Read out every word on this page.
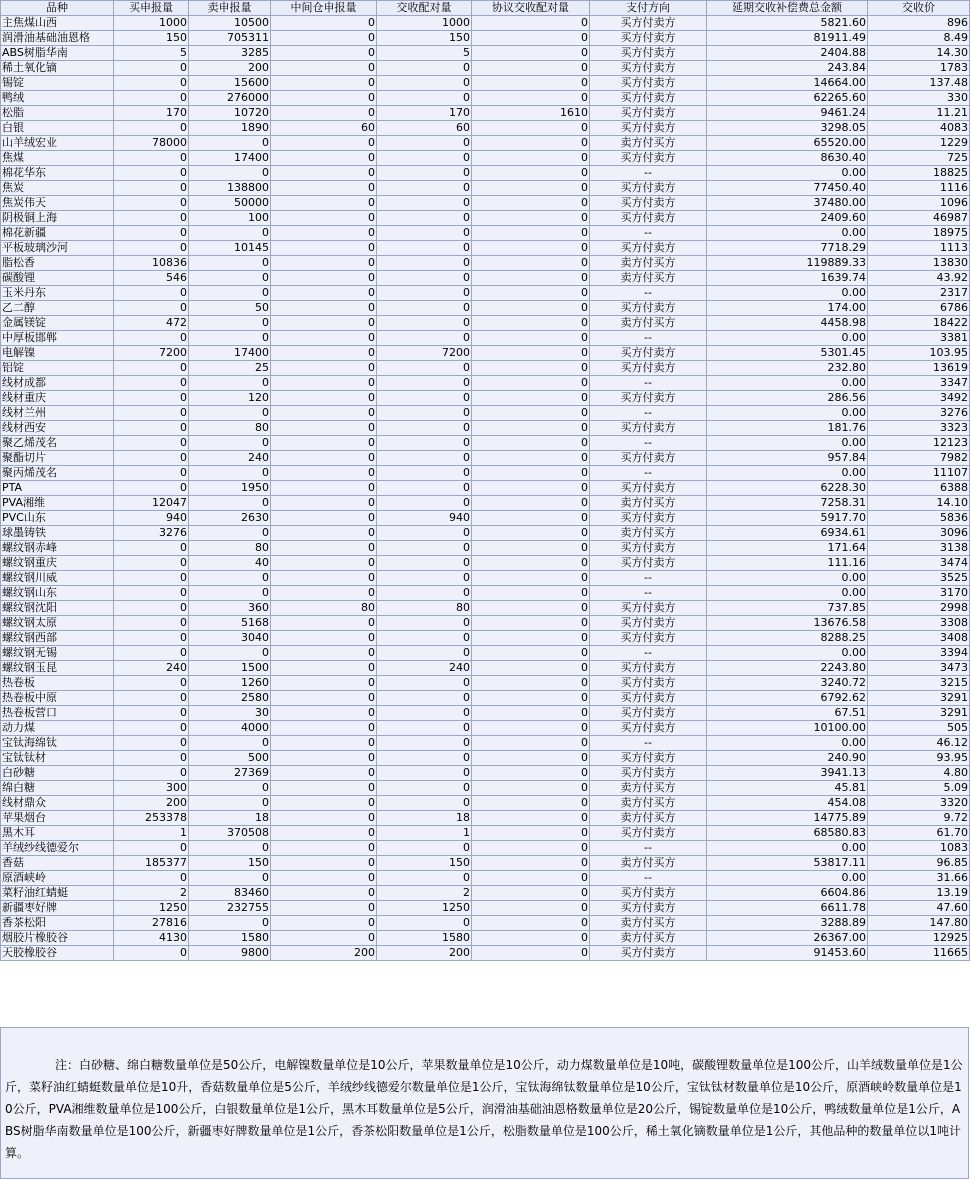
品种	买申报量	卖申报量	中间仓申报量	交收配对量	协议交收配对量	支付方向	延期交收补偿费总金额	交收价
主焦煤山西	1000	10500	0	1000	0	买方付卖方	5821.60	896
润滑油基础油恩格	150	705311	0	150	0	买方付卖方	81911.49	8.49
ABS树脂华南	5	3285	0	5	0	买方付卖方	2404.88	14.30
稀土氧化镝	0	200	0	0	0	买方付卖方	243.84	1783
锡锭	0	15600	0	0	0	买方付卖方	14664.00	137.48
鸭绒	0	276000	0	0	0	买方付卖方	62265.60	330
松脂	170	10720	0	170	1610	买方付卖方	9461.24	11.21
白银	0	1890	60	60	0	买方付卖方	3298.05	4083
山羊绒宏业	78000	0	0	0	0	卖方付买方	65520.00	1229
焦煤	0	17400	0	0	0	买方付卖方	8630.40	725
棉花华东	0	0	0	0	0	--	0.00	18825
焦炭	0	138800	0	0	0	买方付卖方	77450.40	1116
焦炭伟天	0	50000	0	0	0	买方付卖方	37480.00	1096
阴极铜上海	0	100	0	0	0	买方付卖方	2409.60	46987
棉花新疆	0	0	0	0	0	--	0.00	18975
平板玻璃沙河	0	10145	0	0	0	买方付卖方	7718.29	1113
脂松香	10836	0	0	0	0	卖方付买方	119889.33	13830
碳酸锂	546	0	0	0	0	卖方付买方	1639.74	43.92
玉米丹东	0	0	0	0	0	--	0.00	2317
乙二醇	0	50	0	0	0	买方付卖方	174.00	6786
金属镁锭	472	0	0	0	0	卖方付买方	4458.98	18422
中厚板邯郸	0	0	0	0	0	--	0.00	3381
电解镍	7200	17400	0	7200	0	买方付卖方	5301.45	103.95
铝锭	0	25	0	0	0	买方付卖方	232.80	13619
线材成都	0	0	0	0	0	--	0.00	3347
线材重庆	0	120	0	0	0	买方付卖方	286.56	3492
线材兰州	0	0	0	0	0	--	0.00	3276
线材西安	0	80	0	0	0	买方付卖方	181.76	3323
聚乙烯茂名	0	0	0	0	0	--	0.00	12123
聚酯切片	0	240	0	0	0	买方付卖方	957.84	7982
聚丙烯茂名	0	0	0	0	0	--	0.00	11107
PTA	0	1950	0	0	0	买方付卖方	6228.30	6388
PVA湘维	12047	0	0	0	0	卖方付买方	7258.31	14.10
PVC山东	940	2630	0	940	0	买方付卖方	5917.70	5836
球墨铸铁	3276	0	0	0	0	卖方付买方	6934.61	3096
螺纹钢赤峰	0	80	0	0	0	买方付卖方	171.64	3138
螺纹钢重庆	0	40	0	0	0	买方付卖方	111.16	3474
螺纹钢川威	0	0	0	0	0	--	0.00	3525
螺纹钢山东	0	0	0	0	0	--	0.00	3170
螺纹钢沈阳	0	360	80	80	0	买方付卖方	737.85	2998
螺纹钢太原	0	5168	0	0	0	买方付卖方	13676.58	3308
螺纹钢西部	0	3040	0	0	0	买方付卖方	8288.25	3408
螺纹钢无锡	0	0	0	0	0	--	0.00	3394
螺纹钢玉昆	240	1500	0	240	0	买方付卖方	2243.80	3473
热卷板	0	1260	0	0	0	买方付卖方	3240.72	3215
热卷板中原	0	2580	0	0	0	买方付卖方	6792.62	3291
热卷板营口	0	30	0	0	0	买方付卖方	67.51	3291
动力煤	0	4000	0	0	0	买方付卖方	10100.00	505
宝钛海绵钛	0	0	0	0	0	--	0.00	46.12
宝钛钛材	0	500	0	0	0	买方付卖方	240.90	93.95
白砂糖	0	27369	0	0	0	买方付卖方	3941.13	4.80
绵白糖	300	0	0	0	0	卖方付买方	45.81	5.09
线材鼎众	200	0	0	0	0	卖方付买方	454.08	3320
苹果烟台	253378	18	0	18	0	卖方付买方	14775.89	9.72
黑木耳	1	370508	0	1	0	买方付卖方	68580.83	61.70
羊绒纱线德爱尔	0	0	0	0	0	--	0.00	1083
香菇	185377	150	0	150	0	卖方付买方	53817.11	96.85
原酒峡岭	0	0	0	0	0	--	0.00	31.66
菜籽油红蜻蜓	2	83460	0	2	0	买方付卖方	6604.86	13.19
新疆枣好牌	1250	232755	0	1250	0	买方付卖方	6611.78	47.60
香茶松阳	27816	0	0	0	0	卖方付买方	3288.89	147.80
烟胶片橡胶谷	4130	1580	0	1580	0	卖方付买方	26367.00	12925
天胶橡胶谷	0	9800	200	200	0	买方付卖方	91453.60	11665
注：白砂糖、绵白糖数量单位是50公斤，电解镍数量单位是10公斤，苹果数量单位是10公斤，动力煤数量单位是10吨，碳酸锂数量单位是100公斤，山羊绒数量单位是1公斤，菜籽油红蜻蜓数量单位是10升，香菇数量单位是5公斤，羊绒纱线德爱尔数量单位是1公斤，宝钛海绵钛数量单位是10公斤，宝钛钛材数量单位是10公斤，原酒峡岭数量单位是10公斤，PVA湘维数量单位是100公斤，白银数量单位是1公斤，黑木耳数量单位是5公斤，润滑油基础油恩格数量单位是20公斤，锡锭数量单位是10公斤，鸭绒数量单位是1公斤，ABS树脂华南数量单位是100公斤，新疆枣好牌数量单位是1公斤，香茶松阳数量单位是1公斤，松脂数量单位是100公斤，稀土氧化镝数量单位是1公斤，其他品种的数量单位以1吨计算。
